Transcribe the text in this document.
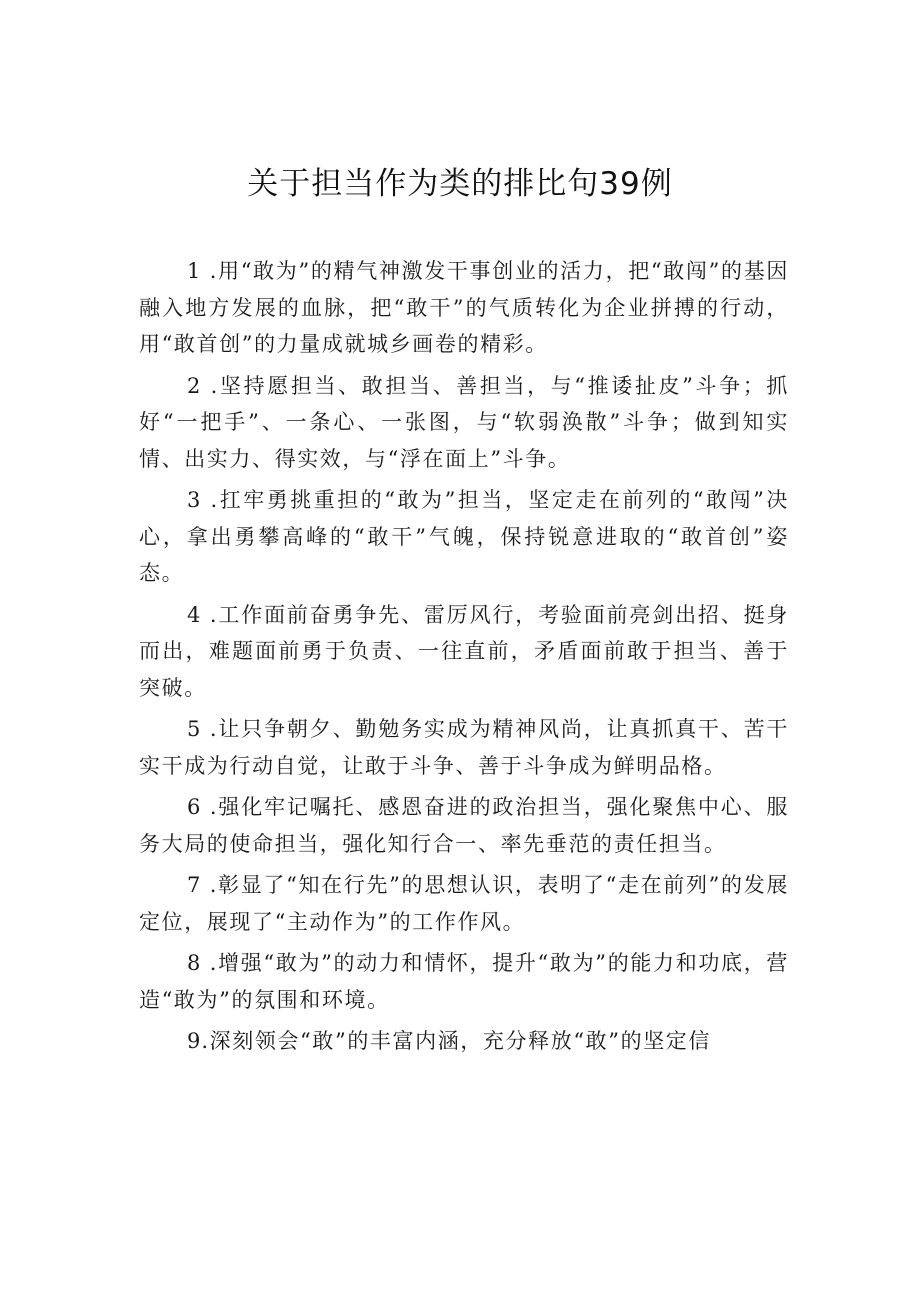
关于担当作为类的排比句39例

1 .用“敢为”的精气神激发干事创业的活力，把“敢闯”的基因融入地方发展的血脉，把“敢干”的气质转化为企业拼搏的行动，用“敢首创”的力量成就城乡画卷的精彩。

2 .坚持愿担当、敢担当、善担当，与“推诿扯皮”斗争；抓好“一把手”、一条心、一张图，与“软弱涣散”斗争；做到知实情、出实力、得实效，与“浮在面上”斗争。

3 .扛牢勇挑重担的“敢为”担当，坚定走在前列的“敢闯”决心，拿出勇攀高峰的“敢干”气魄，保持锐意进取的“敢首创”姿态。

4 .工作面前奋勇争先、雷厉风行，考验面前亮剑出招、挺身而出，难题面前勇于负责、一往直前，矛盾面前敢于担当、善于突破。

5 .让只争朝夕、勤勉务实成为精神风尚，让真抓真干、苦干实干成为行动自觉，让敢于斗争、善于斗争成为鲜明品格。

6 .强化牢记嘱托、感恩奋进的政治担当，强化聚焦中心、服务大局的使命担当，强化知行合一、率先垂范的责任担当。

7 .彰显了“知在行先”的思想认识，表明了“走在前列”的发展定位，展现了“主动作为”的工作作风。

8 .增强“敢为”的动力和情怀，提升“敢为”的能力和功底，营造“敢为”的氛围和环境。

9.深刻领会“敢”的丰富内涵，充分释放“敢”的坚定信
